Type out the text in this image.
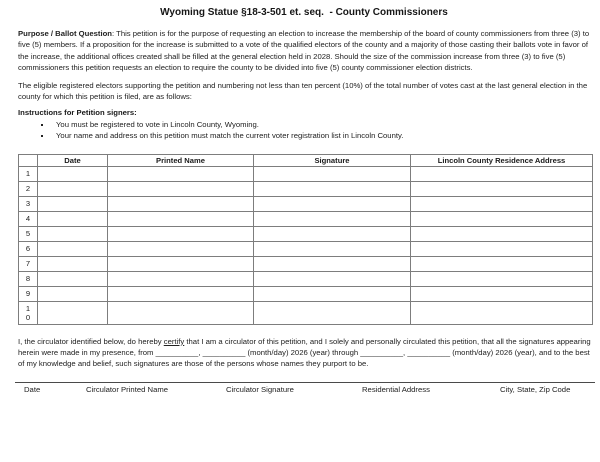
Wyoming Statue §18-3-501 et. seq.  - County Commissioners

Purpose / Ballot Question: This petition is for the purpose of requesting an election to increase the membership of the board of county commissioners from three (3) to five (5) members. If a proposition for the increase is submitted to a vote of the qualified electors of the county and a majority of those casting their ballots vote in favor of the increase, the additional offices created shall be filled at the general election held in 2028. Should the size of the commission increase from three (3) to five (5) commissioners this petition requests an election to require the county to be divided into five (5) county commissioner election districts.

The eligible registered electors supporting the petition and numbering not less than ten percent (10%) of the total number of votes cast at the last general election in the county for which this petition is filed, are as follows:

Instructions for Petition signers:
▪ You must be registered to vote in Lincoln County, Wyoming.
▪ Your name and address on this petition must match the current voter registration list in Lincoln County.
	Date	Printed Name	Signature	Lincoln County Residence Address
1				
2				
3				
4				
5				
6				
7				
8				
9				
10				

I, the circulator identified below, do hereby certify that I am a circulator of this petition, and I solely and personally circulated this petition, that all the signatures appearing herein were made in my presence, from __________, __________ (month/day) 2026 (year) through __________, __________ (month/day) 2026 (year), and to the best of my knowledge and belief, such signatures are those of the persons whose names they purport to be.

Date	Circulator Printed Name	Circulator Signature	Residential Address	City, State, Zip Code
